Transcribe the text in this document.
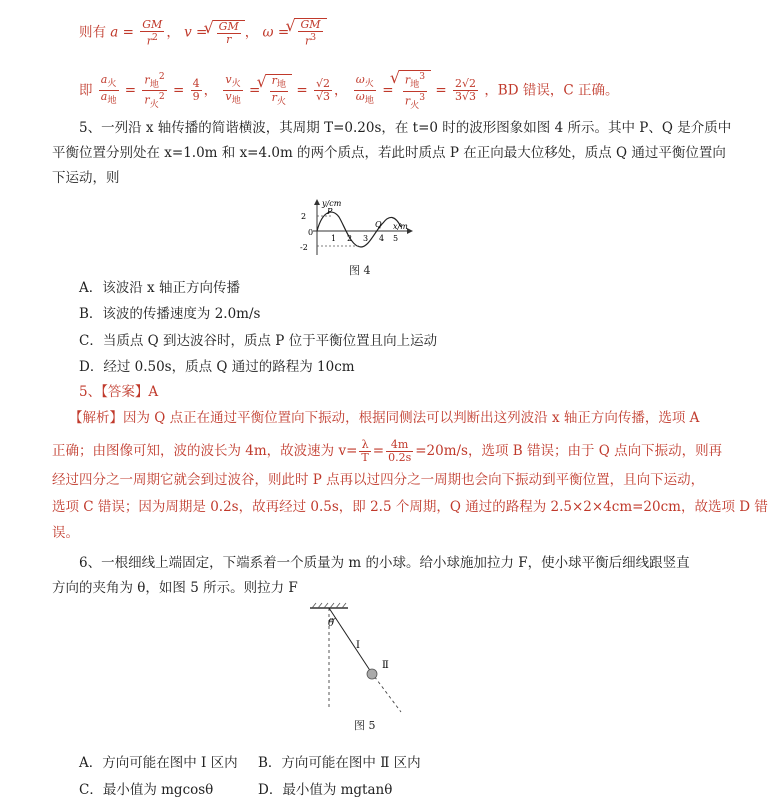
则有 $a = \frac{GM}{r^2}$ ， v = √ $\frac{GM}{r}$ ， ω = √ $\frac{GM}{r^3}$
即 $\frac{a_火}{a_地} = \frac{r_地^2}{r_火^2} = \frac{4}{9}$ ， $\frac{v_火}{v_地}$ = √ $\frac{r_地}{r_火} = \frac{√2}{√3}$ ， $\frac{\omega_火}{\omega_地}$ = √ $\frac{r_地^3}{r_火^3} = \frac{2√2}{3√3}$ ，BD 错误，C 正确。
5、一列沿 x 轴传播的简谐横波，其周期 T=0.20s，在 t=0 时的波形图象如图 4 所示。其中 P、Q 是介质中
平衡位置分别处在 x=1.0m 和 x=4.0m 的两个质点，若此时质点 P 在正向最大位移处，质点 Q 通过平衡位置向
下运动，则
2
0
-2
1 2 3 4 5
y/cm
x/m
P
Q
图 4
A．该波沿 x 轴正方向传播
B．该波的传播速度为 2.0m/s
C．当质点 Q 到达波谷时，质点 P 位于平衡位置且向上运动
D．经过 0.50s，质点 Q 通过的路程为 10cm
5、【答案】A
【解析】因为 Q 点正在通过平衡位置向下振动，根据同侧法可以判断出这列波沿 x 轴正方向传播，选项 A
正确；由图像可知，波的波长为 4m，故波速为 $v= \frac{\lambda}{T} = \frac{4m}{0.2s} =20m/s$，选项 B 错误；由于 Q 点向下振动，则再
经过四分之一周期它就会到过波谷，则此时 P 点再以过四分之一周期也会向下振动到平衡位置，且向下运动，
选项 C 错误；因为周期是 0.2s，故再经过 0.5s，即 2.5 个周期，Q 通过的路程为 2.5×2×4cm=20cm，故选项 D 错
误。
6、一根细线上端固定，下端系着一个质量为 m 的小球。给小球施加拉力 F，使小球平衡后细线跟竖直
方向的夹角为 θ，如图 5 所示。则拉力 F
θ
Ⅰ
Ⅱ
图 5
A．方向可能在图中 Ⅰ 区内 B．方向可能在图中 Ⅱ 区内
C．最小值为 mgcosθ	D．最小值为 mgtanθ
